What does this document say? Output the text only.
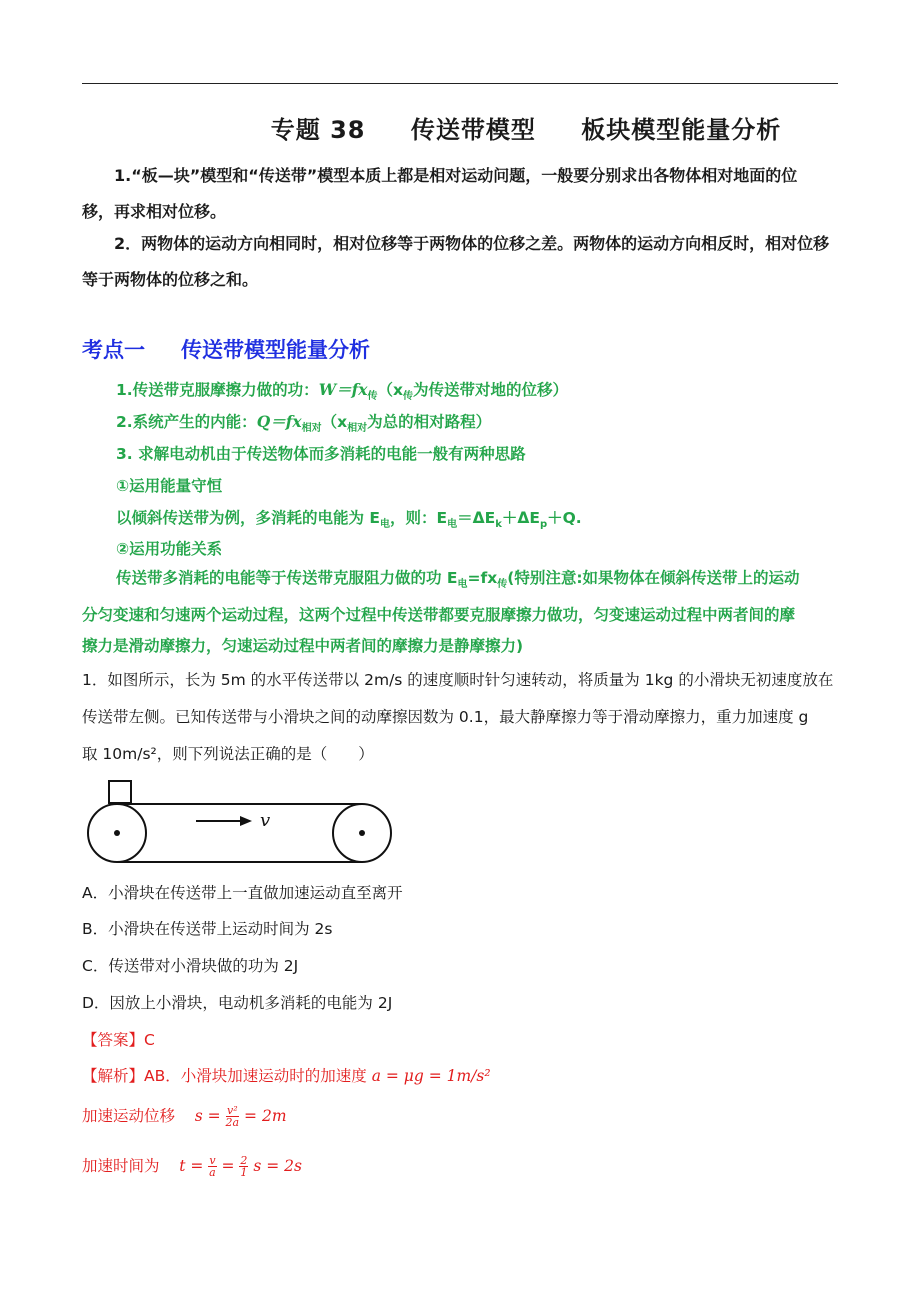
专题 38 传送带模型 板块模型能量分析
1.“板—块”模型和“传送带”模型本质上都是相对运动问题，一般要分别求出各物体相对地面的位
移，再求相对位移。
2．两物体的运动方向相同时，相对位移等于两物体的位移之差。两物体的运动方向相反时，相对位移
等于两物体的位移之和。
考点一 传送带模型能量分析
1.传送带克服摩擦力做的功：$W=fx_传(x_传$为传送带对地的位移）
2.系统产生的内能：$Q=fx_{相对}(x_{相对}$为总的相对路程）
3. 求解电动机由于传送物体而多消耗的电能一般有两种思路
①运用能量守恒
以倾斜传送带为例，多消耗的电能为 $E_电$，则：$E_电=\Delta E_k+\Delta E_p+Q$.
②运用功能关系
传送带多消耗的电能等于传送带克服阻力做的功 $E_电=fx_传$(特别注意:如果物体在倾斜传送带上的运动
分匀变速和匀速两个运动过程，这两个过程中传送带都要克服摩擦力做功，匀变速运动过程中两者间的摩
擦力是滑动摩擦力，匀速运动过程中两者间的摩擦力是静摩擦力)
1．如图所示，长为 5m 的水平传送带以 2m/s 的速度顺时针匀速转动，将质量为 1kg 的小滑块无初速度放在
传送带左侧。已知传送带与小滑块之间的动摩擦因数为 0.1，最大静摩擦力等于滑动摩擦力，重力加速度 g
取 10m/s²，则下列说法正确的是（　　）
v
A．小滑块在传送带上一直做加速运动直至离开
B．小滑块在传送带上运动时间为 2s
C．传送带对小滑块做的功为 2J
D．因放上小滑块，电动机多消耗的电能为 2J
【答案】C
【解析】AB．小滑块加速运动时的加速度 a = μg = 1m/s²
加速运动位移 $s = \frac{\text{v²}}{2a} = 2m$
加速时间为 $t = \frac{v}{a} = \frac{2}{1}$ s = 2s
